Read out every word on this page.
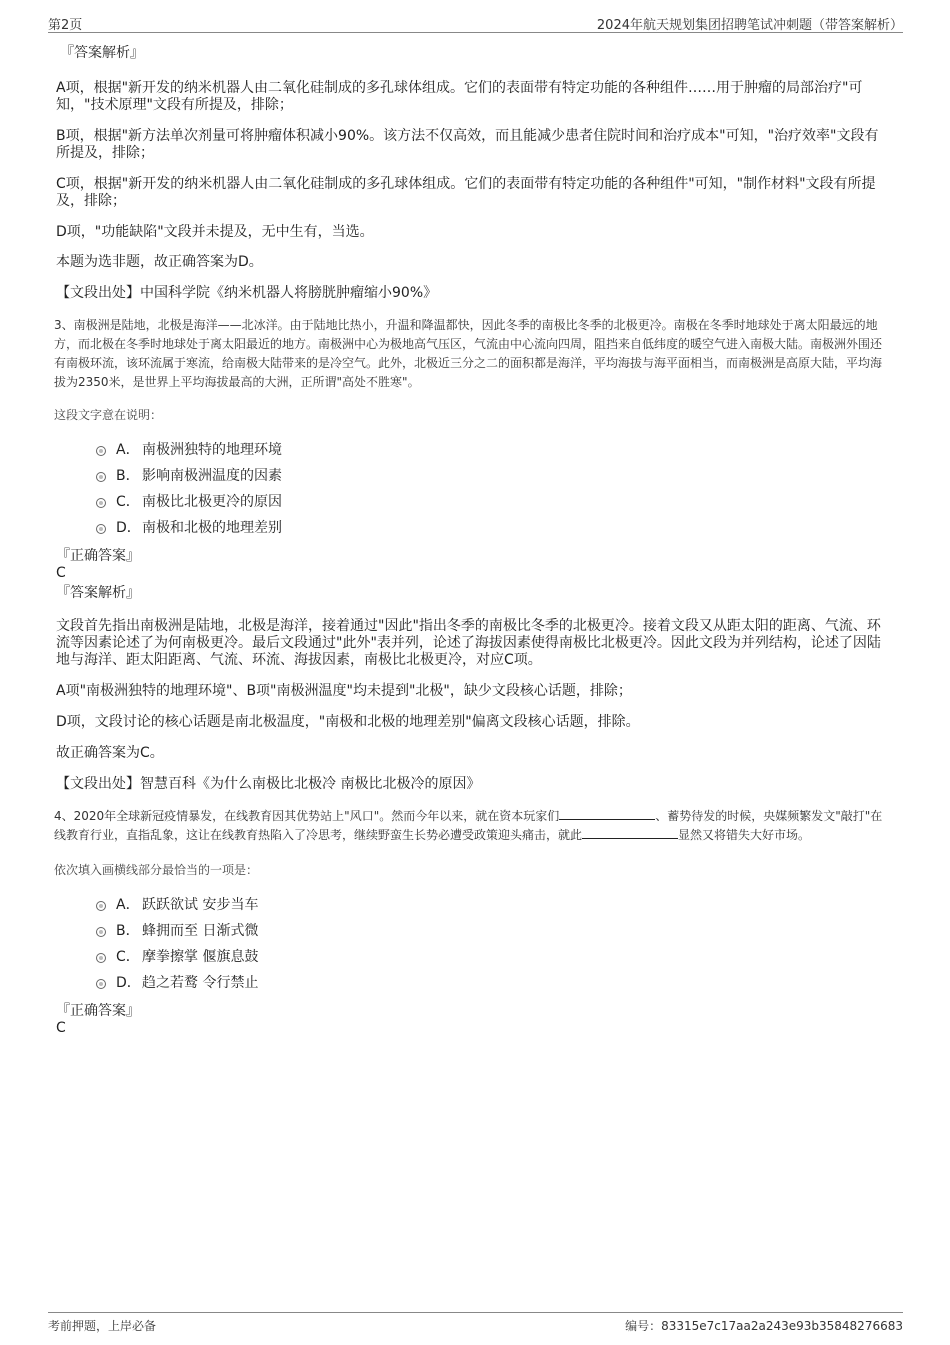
第2页	2024年航天规划集团招聘笔试冲刺题（带答案解析）

『答案解析』

A项，根据"新开发的纳米机器人由二氧化硅制成的多孔球体组成。它们的表面带有特定功能的各种组件……用于肿瘤的局部治疗"可知，"技术原理"文段有所提及，排除；

B项，根据"新方法单次剂量可将肿瘤体积减小90%。该方法不仅高效，而且能减少患者住院时间和治疗成本"可知，"治疗效率"文段有所提及，排除；

C项，根据"新开发的纳米机器人由二氧化硅制成的多孔球体组成。它们的表面带有特定功能的各种组件"可知，"制作材料"文段有所提及，排除；

D项，"功能缺陷"文段并未提及，无中生有，当选。

本题为选非题，故正确答案为D。

【文段出处】中国科学院《纳米机器人将膀胱肿瘤缩小90%》

3、南极洲是陆地，北极是海洋——北冰洋。由于陆地比热小，升温和降温都快，因此冬季的南极比冬季的北极更冷。南极在冬季时地球处于离太阳最远的地方，而北极在冬季时地球处于离太阳最近的地方。南极洲中心为极地高气压区，气流由中心流向四周，阻挡来自低纬度的暖空气进入南极大陆。南极洲外围还有南极环流，该环流属于寒流，给南极大陆带来的是冷空气。此外，北极近三分之二的面积都是海洋，平均海拔与海平面相当，而南极洲是高原大陆，平均海拔为2350米，是世界上平均海拔最高的大洲，正所谓"高处不胜寒"。

这段文字意在说明：

A． 南极洲独特的地理环境
B． 影响南极洲温度的因素
C． 南极比北极更冷的原因
D．南极和北极的地理差别

『正确答案』

C

『答案解析』

文段首先指出南极洲是陆地，北极是海洋，接着通过"因此"指出冬季的南极比冬季的北极更冷。接着文段又从距太阳的距离、气流、环流等因素论述了为何南极更冷。最后文段通过"此外"表并列，论述了海拔因素使得南极比北极更冷。因此文段为并列结构，论述了因陆地与海洋、距太阳距离、气流、环流、海拔因素，南极比北极更冷，对应C项。

A项"南极洲独特的地理环境"、B项"南极洲温度"均未提到"北极"，缺少文段核心话题，排除；

D项，文段讨论的核心话题是南北极温度，"南极和北极的地理差别"偏离文段核心话题，排除。

故正确答案为C。

【文段出处】智慧百科《为什么南极比北极冷 南极比北极冷的原因》

4、2020年全球新冠疫情暴发，在线教育因其优势站上"风口"。然而今年以来，就在资本玩家们	、蓄势待发的时候，央媒频繁发文"敲打"在线教育行业，直指乱象，这让在线教育热陷入了冷思考，继续野蛮生长势必遭受政策迎头痛击，就此	显然又将错失大好市场。

依次填入画横线部分最恰当的一项是：

A． 跃跃欲试 安步当车
B． 蜂拥而至 日渐式微
C． 摩拳擦掌 偃旗息鼓
D．趋之若鹜 令行禁止

『正确答案』

C

考前押题，上岸必备	编号：83315e7c17aa2a243e93b35848276683
